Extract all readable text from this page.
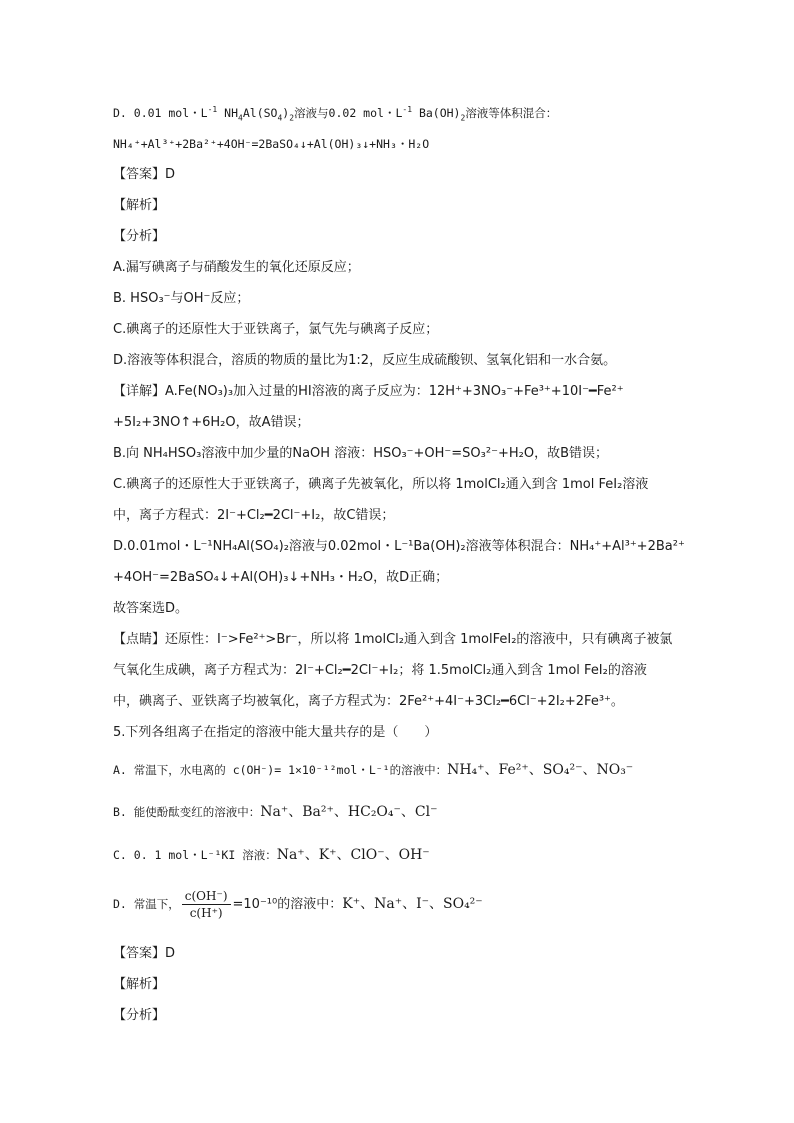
D. 0.01 mol・$L^{-1}$ $NH_4Al(SO_4)_2$溶液与0.02 mol・$L^{-1}$ $Ba(OH)_2$溶液等体积混合：
NH₄⁺+Al³⁺+2Ba²⁺+4OH⁻=2BaSO₄↓+Al(OH)₃↓+NH₃・H₂O
【答案】D
【解析】
【分析】
A.漏写碘离子与硝酸发生的氧化还原反应；
B. HSO₃⁻与OH⁻反应；
C.碘离子的还原性大于亚铁离子，氯气先与碘离子反应；
D.溶液等体积混合，溶质的物质的量比为1:2，反应生成硫酸钡、氢氧化铝和一水合氨。
【详解】A.Fe(NO₃)₃加入过量的HI溶液的离子反应为：12H⁺+3NO₃⁻+Fe³⁺+10I⁻━Fe²⁺
+5I₂+3NO↑+6H₂O，故A错误；
B.向 NH₄HSO₃溶液中加少量的NaOH 溶液：HSO₃⁻+OH⁻=SO₃²⁻+H₂O，故B错误；
C.碘离子的还原性大于亚铁离子，碘离子先被氧化，所以将 1molCl₂通入到含 1mol FeI₂溶液
中，离子方程式：2I⁻+Cl₂━2Cl⁻+I₂，故C错误；
D.0.01mol・L⁻¹NH₄Al(SO₄)₂溶液与0.02mol・L⁻¹Ba(OH)₂溶液等体积混合：NH₄⁺+Al³⁺+2Ba²⁺
+4OH⁻=2BaSO₄↓+Al(OH)₃↓+NH₃・H₂O，故D正确；
故答案选D。
【点睛】还原性：I⁻>Fe²⁺>Br⁻，所以将 1molCl₂通入到含 1molFeI₂的溶液中，只有碘离子被氯
气氧化生成碘，离子方程式为：2I⁻+Cl₂━2Cl⁻+I₂；将 1.5molCl₂通入到含 1mol FeI₂的溶液
中，碘离子、亚铁离子均被氧化，离子方程式为：2Fe²⁺+4I⁻+3Cl₂━6Cl⁻+2I₂+2Fe³⁺。
5.下列各组离子在指定的溶液中能大量共存的是（　　）
A. 常温下，水电离的 c(OH⁻)= 1×10⁻¹²mol・L⁻¹的溶液中：NH₄⁺、Fe²⁺、SO₄²⁻、NO₃⁻
B. 能使酚酞变红的溶液中：Na⁺、Ba²⁺、HC₂O₄⁻、Cl⁻
C. 0. 1 mol・L⁻¹KI 溶液：Na⁺、K⁺、ClO⁻、OH⁻
D. 常温下， $\frac{c(OH^-)}{c(H^+)} =10^{-10}$的溶液中：K⁺、Na⁺、I⁻、SO₄²⁻
【答案】D
【解析】
【分析】
